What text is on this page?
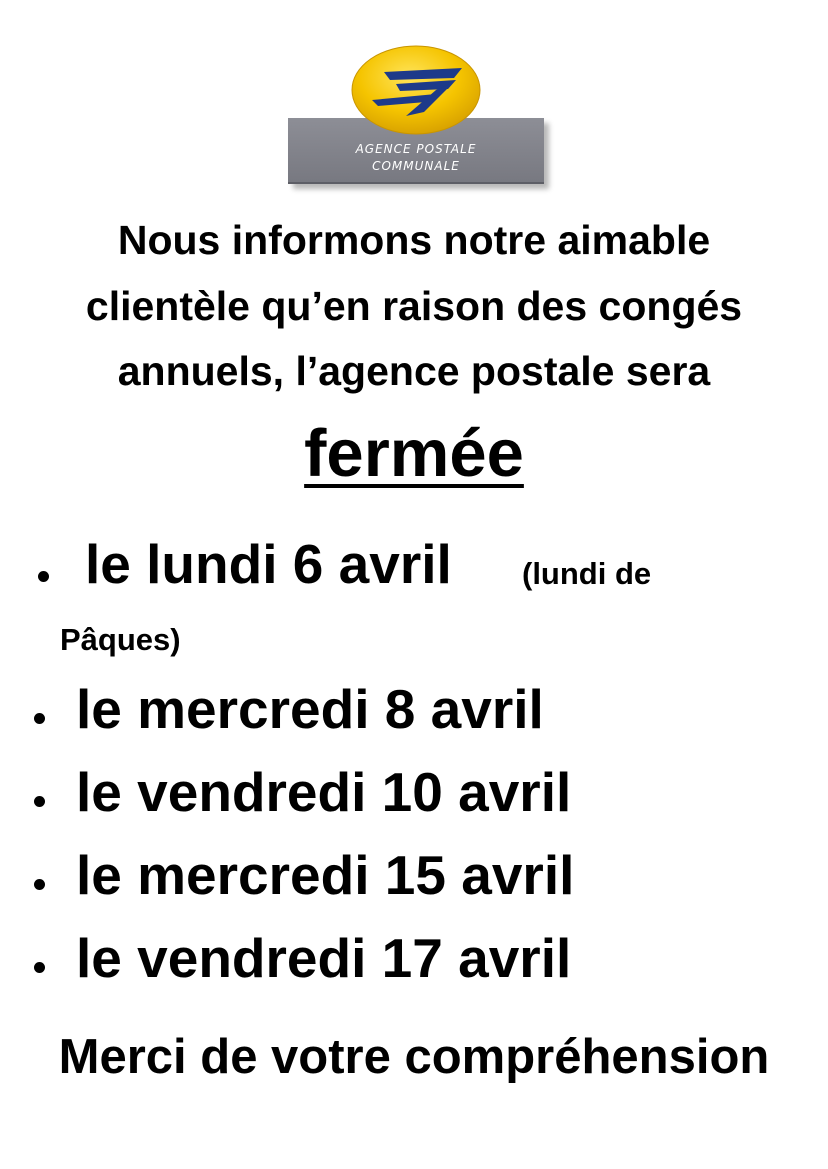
AGENCE POSTALE
COMMUNALE
Nous informons notre aimable
clientèle qu’en raison des congés
annuels, l’agence postale sera
fermée
le lundi 6 avril (lundi de
Pâques)
le mercredi 8 avril
le vendredi 10 avril
le mercredi 15 avril
le vendredi 17 avril
Merci de votre compréhension
